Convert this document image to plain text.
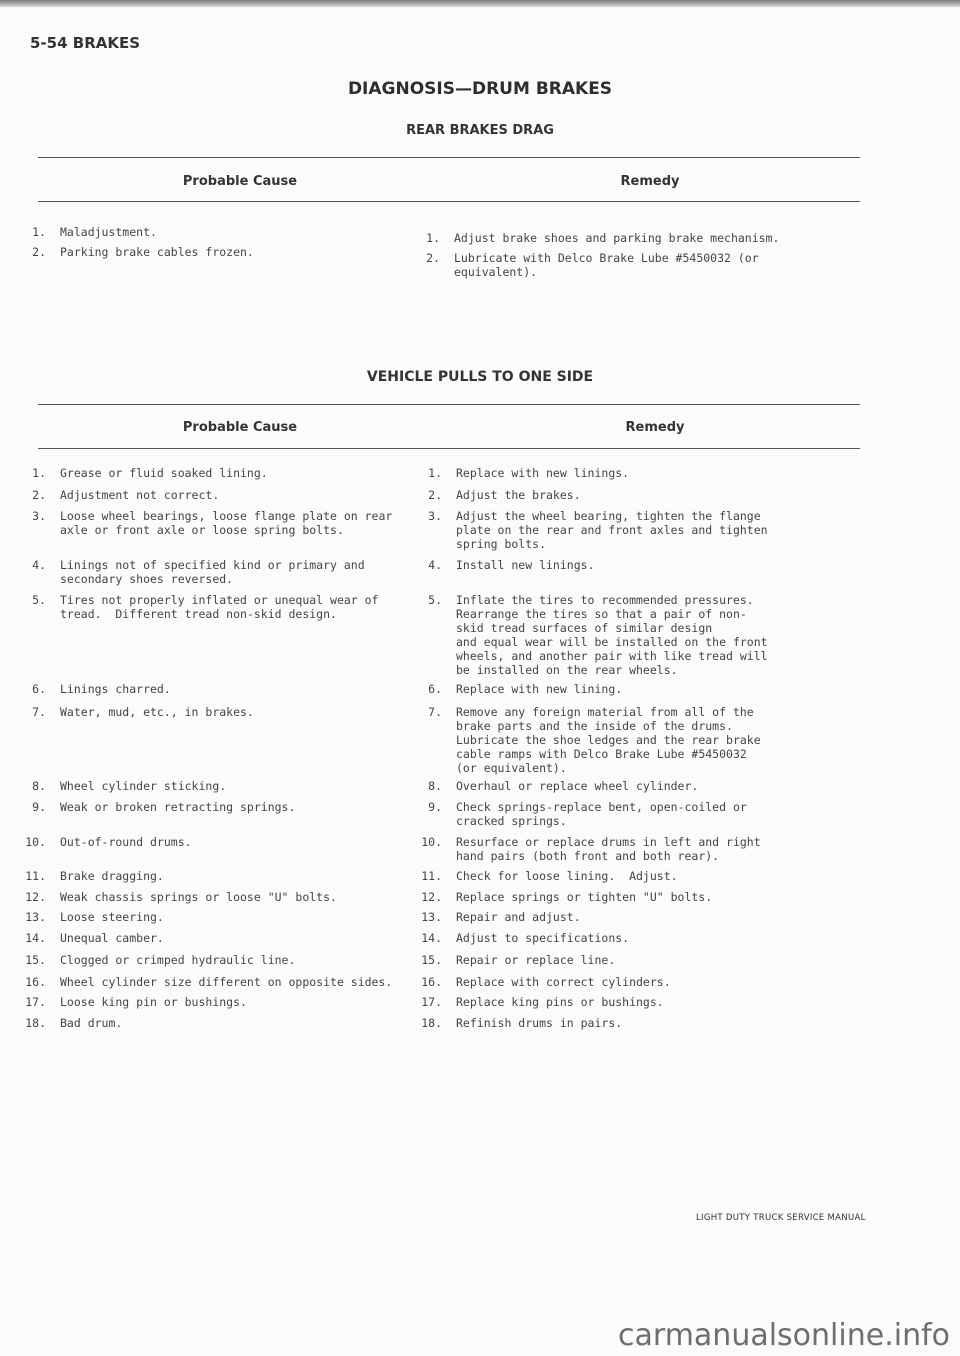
5-54 BRAKES
DIAGNOSIS—DRUM BRAKES
REAR BRAKES DRAG
Probable Cause	Remedy
1. Maladjustment.
2. Parking brake cables frozen.
1. Adjust brake shoes and parking brake mechanism.
2. Lubricate with Delco Brake Lube #5450032 (or
equivalent).
VEHICLE PULLS TO ONE SIDE
Probable Cause	Remedy
1. Grease or fluid soaked lining.
2. Adjustment not correct.
3. Loose wheel bearings, loose flange plate on rear
axle or front axle or loose spring bolts.
4. Linings not of specified kind or primary and
secondary shoes reversed.
5. Tires not properly inflated or unequal wear of
tread.  Different tread non-skid design.
6. Linings charred.
7. Water, mud, etc., in brakes.
8. Wheel cylinder sticking.
9. Weak or broken retracting springs.
10. Out-of-round drums.
11. Brake dragging.
12. Weak chassis springs or loose "U" bolts.
13. Loose steering.
14. Unequal camber.
15. Clogged or crimped hydraulic line.
16. Wheel cylinder size different on opposite sides.
17. Loose king pin or bushings.
18. Bad drum.
1. Replace with new linings.
2. Adjust the brakes.
3. Adjust the wheel bearing, tighten the flange
plate on the rear and front axles and tighten
spring bolts.
4. Install new linings.
5. Inflate the tires to recommended pressures.
Rearrange the tires so that a pair of non-
skid tread surfaces of similar design
and equal wear will be installed on the front
wheels, and another pair with like tread will
be installed on the rear wheels.
6. Replace with new lining.
7. Remove any foreign material from all of the
brake parts and the inside of the drums.
Lubricate the shoe ledges and the rear brake
cable ramps with Delco Brake Lube #5450032
(or equivalent).
8. Overhaul or replace wheel cylinder.
9. Check springs-replace bent, open-coiled or
cracked springs.
10. Resurface or replace drums in left and right
hand pairs (both front and both rear).
11. Check for loose lining.  Adjust.
12. Replace springs or tighten "U" bolts.
13. Repair and adjust.
14. Adjust to specifications.
15. Repair or replace line.
16. Replace with correct cylinders.
17. Replace king pins or bushings.
18. Refinish drums in pairs.
LIGHT DUTY TRUCK SERVICE MANUAL
carmanualsonline.info
